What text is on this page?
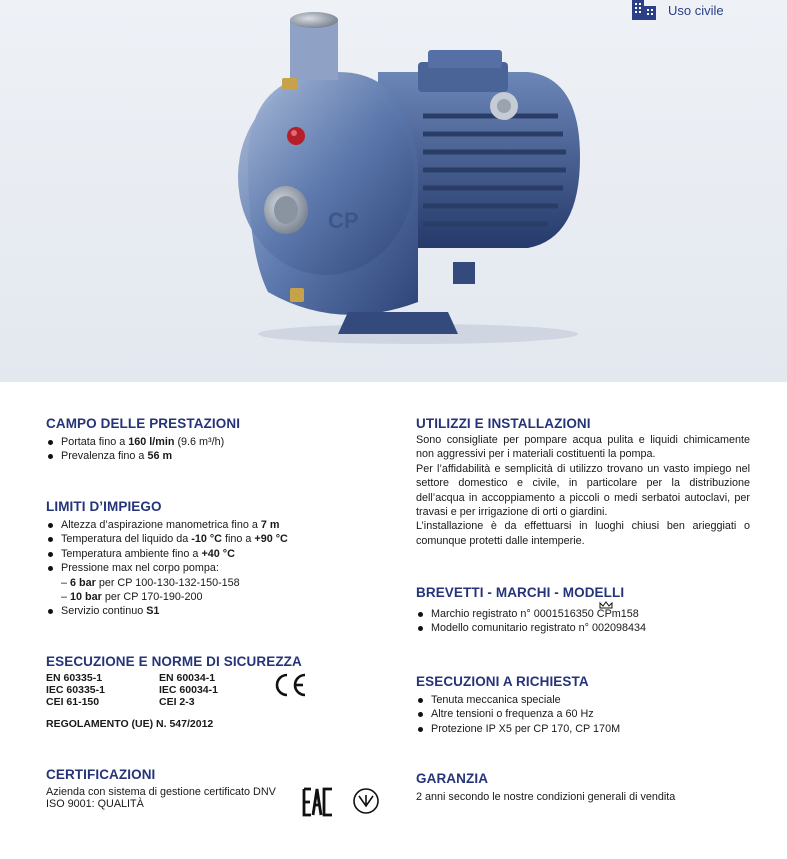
Uso civile
CP
CAMPO DELLE PRESTAZIONI
Portata fino a 160 l/min (9.6 m³/h)
Prevalenza fino a 56 m
LIMITI D’IMPIEGO
Altezza d’aspirazione manometrica fino a 7 m
Temperatura del liquido da -10 °C fino a +90 °C
Temperatura ambiente fino a +40 °C
Pressione max nel corpo pompa:
– 6 bar per CP 100-130-132-150-158
– 10 bar per CP 170-190-200
Servizio continuo S1
ESECUZIONE E NORME DI SICUREZZA
EN 60335-1	EN 60034-1
IEC 60335-1	IEC 60034-1
CEI 61-150	CEI 2-3
REGOLAMENTO (UE) N. 547/2012
CERTIFICAZIONI
Azienda con sistema di gestione certificato DNV
ISO 9001: QUALITÀ
UTILIZZI E INSTALLAZIONI

Sono consigliate per pompare acqua pulita e liquidi chimicamente non aggressivi per i materiali costituenti la pompa.

Per l’affidabilità e semplicità di utilizzo trovano un vasto impiego nel settore domestico e civile, in particolare per la distribuzione dell’acqua in accoppiamento a piccoli o medi serbatoi autoclavi, per travasi e per irrigazione di orti o giardini.

L’installazione è da effettuarsi in luoghi chiusi ben arieggiati o comunque protetti dalle intemperie.

BREVETTI - MARCHI - MODELLI
Marchio registrato n° 0001516350 CPm158
Modello comunitario registrato n° 002098434
ESECUZIONI A RICHIESTA
Tenuta meccanica speciale
Altre tensioni o frequenza a 60 Hz
Protezione IP X5 per CP 170, CP 170M
GARANZIA

2 anni secondo le nostre condizioni generali di vendita
